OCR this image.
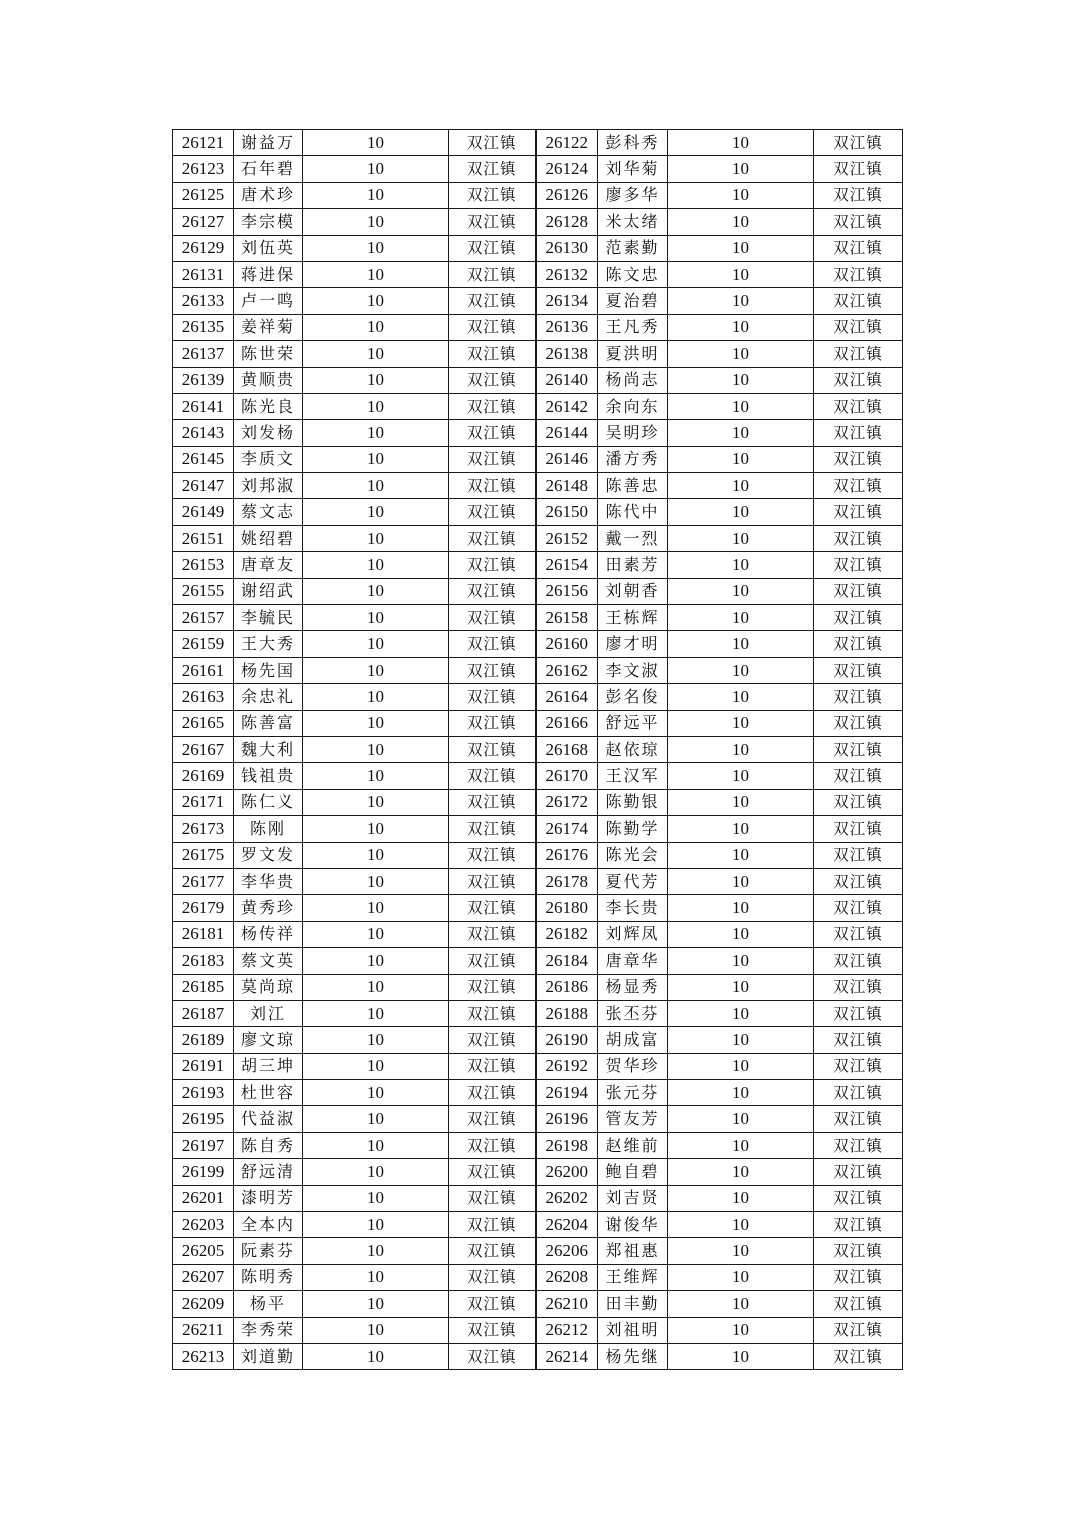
26121	谢益万	10	双江镇	26122	彭科秀	10	双江镇
26123	石年碧	10	双江镇	26124	刘华菊	10	双江镇
26125	唐术珍	10	双江镇	26126	廖多华	10	双江镇
26127	李宗模	10	双江镇	26128	米太绪	10	双江镇
26129	刘伍英	10	双江镇	26130	范素勤	10	双江镇
26131	蒋进保	10	双江镇	26132	陈文忠	10	双江镇
26133	卢一鸣	10	双江镇	26134	夏治碧	10	双江镇
26135	姜祥菊	10	双江镇	26136	王凡秀	10	双江镇
26137	陈世荣	10	双江镇	26138	夏洪明	10	双江镇
26139	黄顺贵	10	双江镇	26140	杨尚志	10	双江镇
26141	陈光良	10	双江镇	26142	余向东	10	双江镇
26143	刘发杨	10	双江镇	26144	吴明珍	10	双江镇
26145	李质文	10	双江镇	26146	潘方秀	10	双江镇
26147	刘邦淑	10	双江镇	26148	陈善忠	10	双江镇
26149	蔡文志	10	双江镇	26150	陈代中	10	双江镇
26151	姚绍碧	10	双江镇	26152	戴一烈	10	双江镇
26153	唐章友	10	双江镇	26154	田素芳	10	双江镇
26155	谢绍武	10	双江镇	26156	刘朝香	10	双江镇
26157	李毓民	10	双江镇	26158	王栋辉	10	双江镇
26159	王大秀	10	双江镇	26160	廖才明	10	双江镇
26161	杨先国	10	双江镇	26162	李文淑	10	双江镇
26163	余忠礼	10	双江镇	26164	彭名俊	10	双江镇
26165	陈善富	10	双江镇	26166	舒远平	10	双江镇
26167	魏大利	10	双江镇	26168	赵依琼	10	双江镇
26169	钱祖贵	10	双江镇	26170	王汉军	10	双江镇
26171	陈仁义	10	双江镇	26172	陈勤银	10	双江镇
26173	陈刚	10	双江镇	26174	陈勤学	10	双江镇
26175	罗文发	10	双江镇	26176	陈光会	10	双江镇
26177	李华贵	10	双江镇	26178	夏代芳	10	双江镇
26179	黄秀珍	10	双江镇	26180	李长贵	10	双江镇
26181	杨传祥	10	双江镇	26182	刘辉凤	10	双江镇
26183	蔡文英	10	双江镇	26184	唐章华	10	双江镇
26185	莫尚琼	10	双江镇	26186	杨显秀	10	双江镇
26187	刘江	10	双江镇	26188	张丕芬	10	双江镇
26189	廖文琼	10	双江镇	26190	胡成富	10	双江镇
26191	胡三坤	10	双江镇	26192	贺华珍	10	双江镇
26193	杜世容	10	双江镇	26194	张元芬	10	双江镇
26195	代益淑	10	双江镇	26196	管友芳	10	双江镇
26197	陈自秀	10	双江镇	26198	赵维前	10	双江镇
26199	舒远清	10	双江镇	26200	鲍自碧	10	双江镇
26201	漆明芳	10	双江镇	26202	刘吉贤	10	双江镇
26203	全本内	10	双江镇	26204	谢俊华	10	双江镇
26205	阮素芬	10	双江镇	26206	郑祖惠	10	双江镇
26207	陈明秀	10	双江镇	26208	王维辉	10	双江镇
26209	杨平	10	双江镇	26210	田丰勤	10	双江镇
26211	李秀荣	10	双江镇	26212	刘祖明	10	双江镇
26213	刘道勤	10	双江镇	26214	杨先继	10	双江镇
